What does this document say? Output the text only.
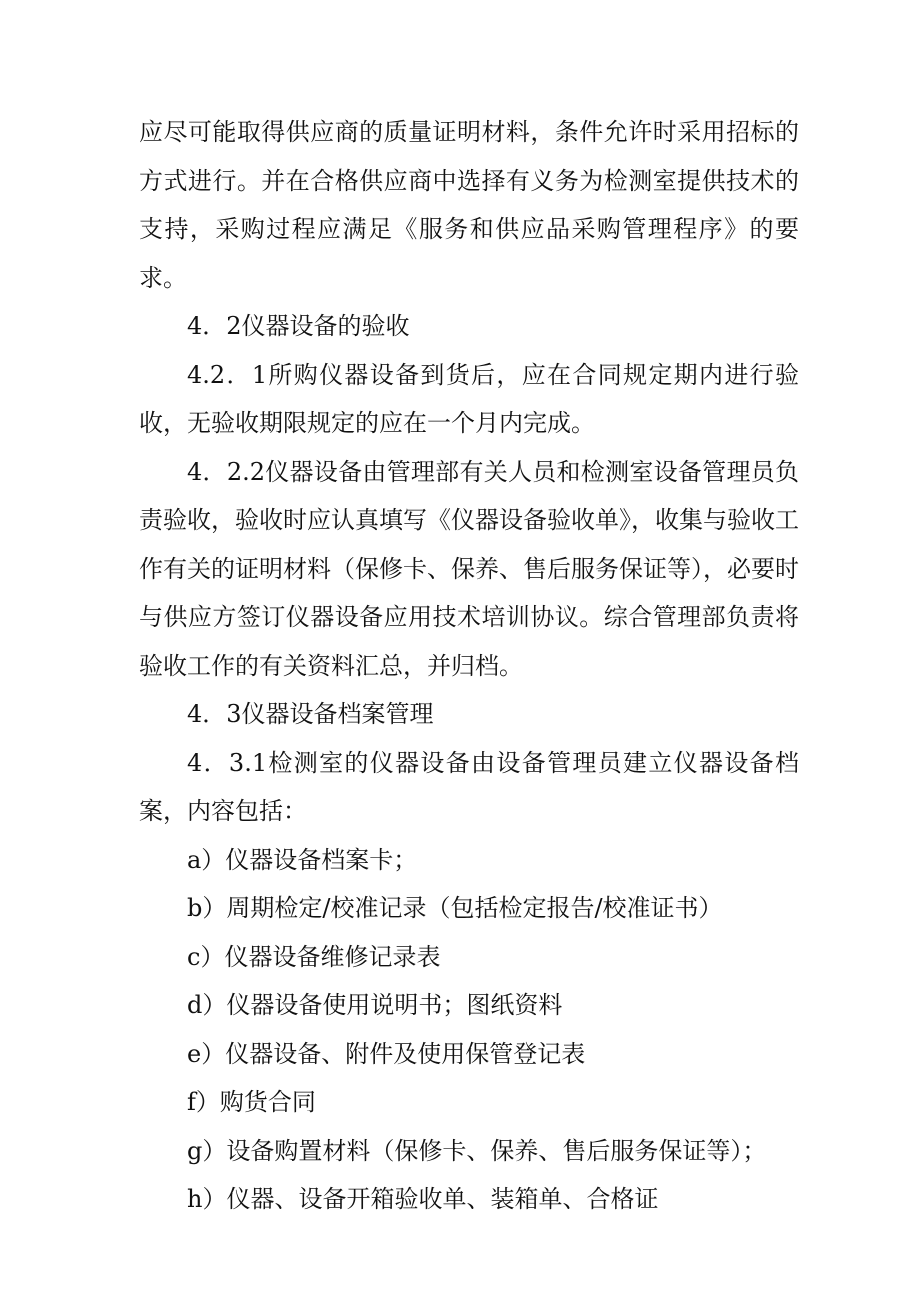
应尽可能取得供应商的质量证明材料，条件允许时采用招标的方式进行。并在合格供应商中选择有义务为检测室提供技术的支持，采购过程应满足《服务和供应品采购管理程序》的要求。

4．2仪器设备的验收

4.2．1所购仪器设备到货后，应在合同规定期内进行验收，无验收期限规定的应在一个月内完成。

4．2.2仪器设备由管理部有关人员和检测室设备管理员负责验收，验收时应认真填写《仪器设备验收单》，收集与验收工作有关的证明材料（保修卡、保养、售后服务保证等），必要时与供应方签订仪器设备应用技术培训协议。综合管理部负责将验收工作的有关资料汇总，并归档。

4．3仪器设备档案管理

4．3.1检测室的仪器设备由设备管理员建立仪器设备档案，内容包括：

a）仪器设备档案卡；

b）周期检定/校准记录（包括检定报告/校准证书）

c）仪器设备维修记录表

d）仪器设备使用说明书；图纸资料

e）仪器设备、附件及使用保管登记表

f）购货合同

g）设备购置材料（保修卡、保养、售后服务保证等）；

h）仪器、设备开箱验收单、装箱单、合格证
